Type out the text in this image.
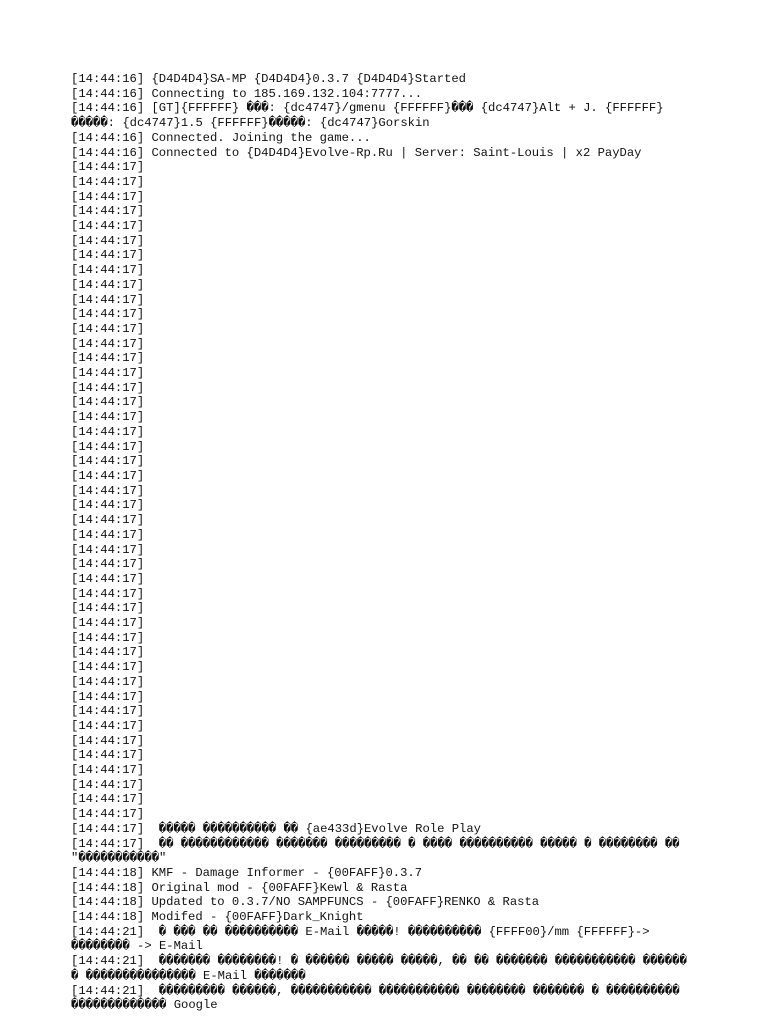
[14:44:16] {D4D4D4}SA-MP {D4D4D4}0.3.7 {D4D4D4}Started
[14:44:16] Connecting to 185.169.132.104:7777...
[14:44:16] [GT]{FFFFFF} ���: {dc4747}/gmenu {FFFFFF}��� {dc4747}Alt + J. {FFFFFF}�����: {dc4747}1.5 {FFFFFF}�����: {dc4747}Gorskin
[14:44:16] Connected. Joining the game...
[14:44:16] Connected to {D4D4D4}Evolve-Rp.Ru | Server: Saint-Louis | x2 PayDay
[14:44:17]
[14:44:17]
[14:44:17]
[14:44:17]
[14:44:17]
[14:44:17]
[14:44:17]
[14:44:17]
[14:44:17]
[14:44:17]
[14:44:17]
[14:44:17]
[14:44:17]
[14:44:17]
[14:44:17]
[14:44:17]
[14:44:17]
[14:44:17]
[14:44:17]
[14:44:17]
[14:44:17]
[14:44:17]
[14:44:17]
[14:44:17]
[14:44:17]
[14:44:17]
[14:44:17]
[14:44:17]
[14:44:17]
[14:44:17]
[14:44:17]
[14:44:17]
[14:44:17]
[14:44:17]
[14:44:17]
[14:44:17]
[14:44:17]
[14:44:17]
[14:44:17]
[14:44:17]
[14:44:17]
[14:44:17]
[14:44:17]
[14:44:17]
[14:44:17]
[14:44:17]  ����� ���������� �� {ae433d}Evolve Role Play
[14:44:17]  �� ������������ ������� ��������� � ���� ���������� ����� � �������� �� "�����������"
[14:44:18] KMF - Damage Informer - {00FAFF}0.3.7
[14:44:18] Original mod - {00FAFF}Kewl & Rasta
[14:44:18] Updated to 0.3.7/NO SAMPFUNCS - {00FAFF}RENKO & Rasta
[14:44:18] Modifed - {00FAFF}Dark_Knight
[14:44:21]  � ��� �� ���������� E-Mail �����! ���������� {FFFF00}/mm {FFFFFF}-> �������� -> E-Mail
[14:44:21]  ������� ��������! � ������ ����� �����, �� �� ������� ����������� ������ � ��������������� E-Mail �������
[14:44:21]  ��������� ������, ����������� ����������� �������� ������� � ���������� ������������� Google
